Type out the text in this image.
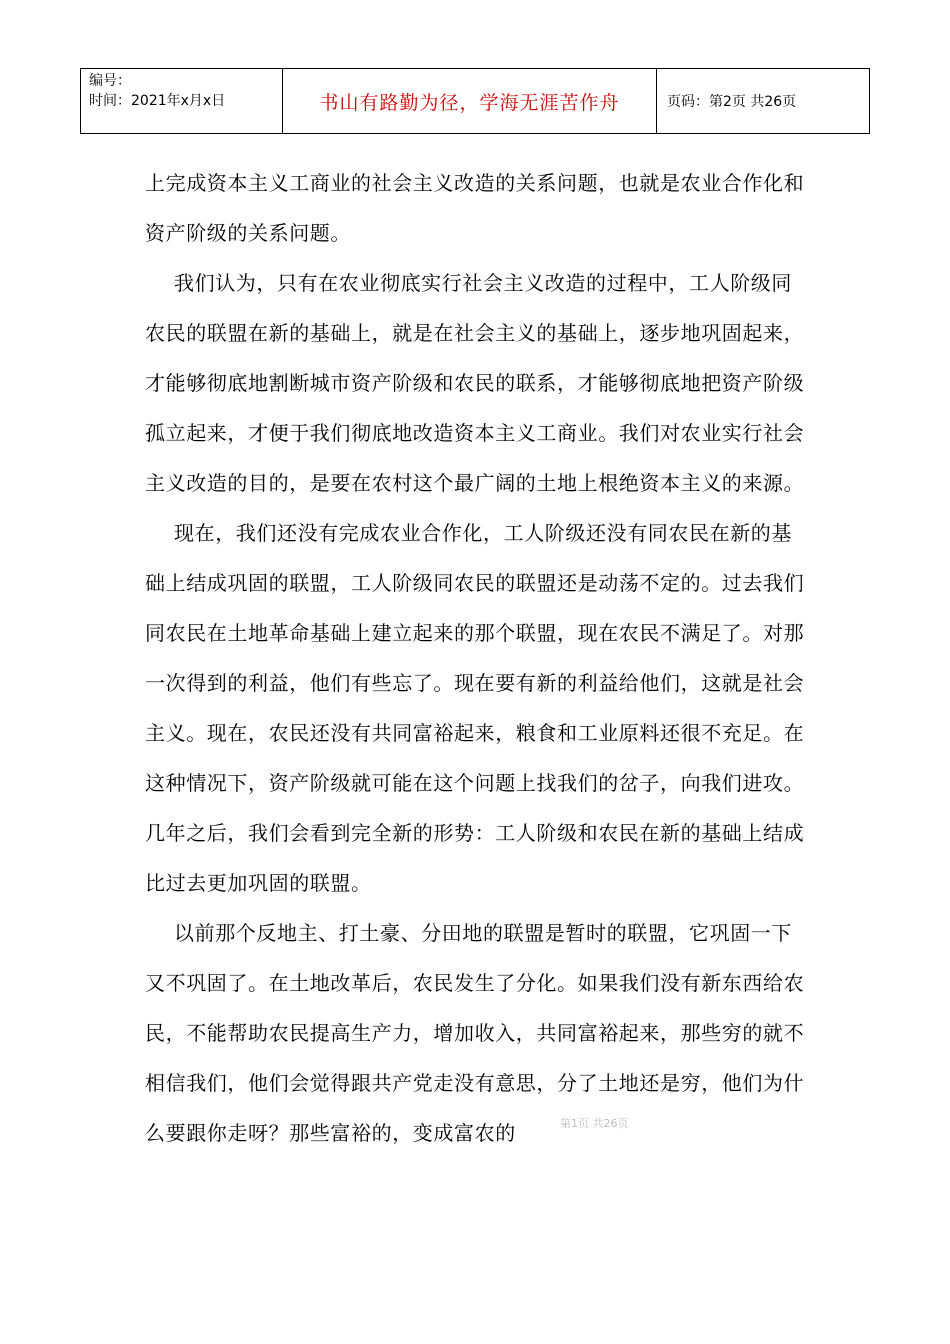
编号：
时间：2021年x月x日	书山有路勤为径，学海无涯苦作舟	页码：第2页 共26页

上完成资本主义工商业的社会主义改造的关系问题，也就是农业合作化和资产阶级的关系问题。

我们认为，只有在农业彻底实行社会主义改造的过程中，工人阶级同农民的联盟在新的基础上，就是在社会主义的基础上，逐步地巩固起来，才能够彻底地割断城市资产阶级和农民的联系，才能够彻底地把资产阶级孤立起来，才便于我们彻底地改造资本主义工商业。我们对农业实行社会主义改造的目的，是要在农村这个最广阔的土地上根绝资本主义的来源。

现在，我们还没有完成农业合作化，工人阶级还没有同农民在新的基础上结成巩固的联盟，工人阶级同农民的联盟还是动荡不定的。过去我们同农民在土地革命基础上建立起来的那个联盟，现在农民不满足了。对那一次得到的利益，他们有些忘了。现在要有新的利益给他们，这就是社会主义。现在，农民还没有共同富裕起来，粮食和工业原料还很不充足。在这种情况下，资产阶级就可能在这个问题上找我们的岔子，向我们进攻。几年之后，我们会看到完全新的形势：工人阶级和农民在新的基础上结成比过去更加巩固的联盟。

以前那个反地主、打土豪、分田地的联盟是暂时的联盟，它巩固一下又不巩固了。在土地改革后，农民发生了分化。如果我们没有新东西给农民，不能帮助农民提高生产力，增加收入，共同富裕起来，那些穷的就不相信我们，他们会觉得跟共产党走没有意思，分了土地还是穷，他们为什么要跟你走呀？那些富裕的，变成富农的	第1页 共26页
